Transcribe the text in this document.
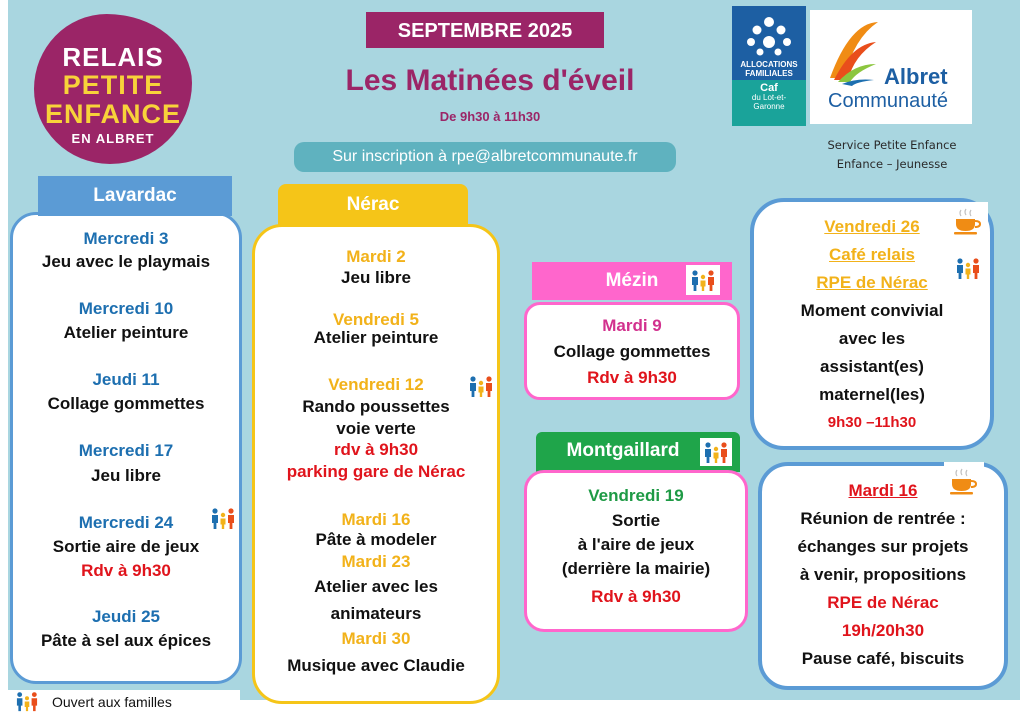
RELAIS
PETITE
ENFANCE
EN ALBRET
SEPTEMBRE 2025
Les Matinées d'éveil
De 9h30 à 11h30
Sur inscription à rpe@albretcommunaute.fr
ALLOCATIONS
FAMILIALES
Caf
du Lot-et-
Garonne
Albret
Communauté
Service Petite Enfance
Enfance – Jeunesse
Mercredi 3
Jeu avec le playmais
Mercredi 10
Atelier peinture
Jeudi 11
Collage gommettes
Mercredi 17
Jeu libre
Mercredi 24
Sortie aire de jeux
Rdv à 9h30
Jeudi 25
Pâte à sel aux épices
Lavardac
Mardi 2
Jeu libre
Vendredi 5
Atelier peinture
Vendredi 12
Rando poussettes
voie verte
rdv à 9h30
parking gare de Nérac
Mardi 16
Pâte à modeler
Mardi 23
Atelier avec les
animateurs
Mardi 30
Musique avec Claudie
Nérac
Mézin
Mardi 9
Collage gommettes
Rdv à 9h30
Montgaillard
Vendredi 19
Sortie
à l'aire de jeux
(derrière la mairie)
Rdv à 9h30
Vendredi 26
Café relais
RPE de Nérac
Moment convivial
avec les
assistant(es)
maternel(les)
9h30 –11h30
Mardi 16
Réunion de rentrée :
échanges sur projets
à venir, propositions
RPE de Nérac
19h/20h30
Pause café, biscuits
Ouvert aux familles
